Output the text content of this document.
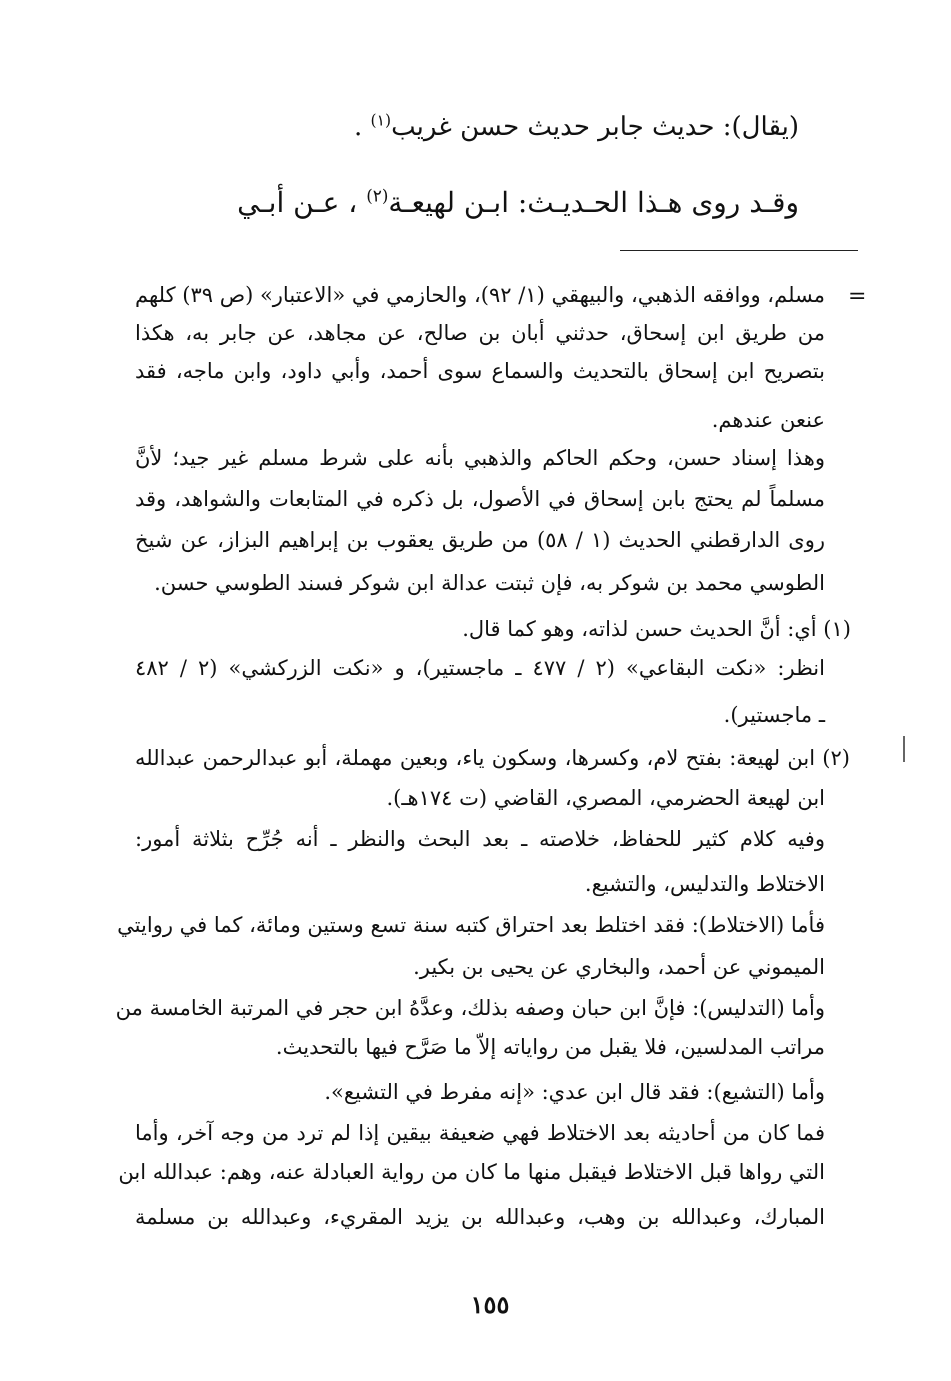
(يقال): حديث جابر حديث حسن غريب$^{(١)}$ .
وقـد روى هـذا الحـديـث: ابـن لهيعـة$^{(٢)}$ ، عـن أبـي
=
مسلم، ووافقه الذهبي، والبيهقي (١/ ٩٢)، والحازمي في «الاعتبار» (ص ٣٩) كلهم
من طريق ابن إسحاق، حدثني أبان بن صالح، عن مجاهد، عن جابر به، هكذا
بتصريح ابن إسحاق بالتحديث والسماع سوى أحمد، وأبي داود، وابن ماجه، فقد
عنعن عندهم.
وهذا إسناد حسن، وحكم الحاكم والذهبي بأنه على شرط مسلم غير جيد؛ لأنَّ
مسلماً لم يحتج بابن إسحاق في الأصول، بل ذكره في المتابعات والشواهد، وقد
روى الدارقطني الحديث (١ / ٥٨) من طريق يعقوب بن إبراهيم البزاز، عن شيخ
الطوسي محمد بن شوكر به، فإن ثبتت عدالة ابن شوكر فسند الطوسي حسن.
(١) أي: أنَّ الحديث حسن لذاته، وهو كما قال.
انظر: «نكت البقاعي» (٢ / ٤٧٧ ـ ماجستير)، و «نكت الزركشي» (٢ / ٤٨٢
ـ ماجستير).
(٢) ابن لهيعة: بفتح لام، وكسرها، وسكون ياء، وبعين مهملة، أبو عبدالرحمن عبدالله
ابن لهيعة الحضرمي، المصري، القاضي (ت ١٧٤هـ).
وفيه كلام كثير للحفاظ، خلاصته ـ بعد البحث والنظر ـ أنه جُرِّح بثلاثة أمور:
الاختلاط والتدليس، والتشيع.
فأما (الاختلاط): فقد اختلط بعد احتراق كتبه سنة تسع وستين ومائة، كما في روايتي
الميموني عن أحمد، والبخاري عن يحيى بن بكير.
وأما (التدليس): فإنَّ ابن حبان وصفه بذلك، وعدَّهُ ابن حجر في المرتبة الخامسة من
مراتب المدلسين، فلا يقبل من رواياته إلاّ ما صَرَّح فيها بالتحديث.
وأما (التشيع): فقد قال ابن عدي: «إنه مفرط في التشيع».
فما كان من أحاديثه بعد الاختلاط فهي ضعيفة بيقين إذا لم ترد من وجه آخر، وأما
التي رواها قبل الاختلاط فيقبل منها ما كان من رواية العبادلة عنه، وهم: عبدالله ابن
المبارك، وعبدالله بن وهب، وعبدالله بن يزيد المقريء، وعبدالله بن مسلمة
١٥٥
